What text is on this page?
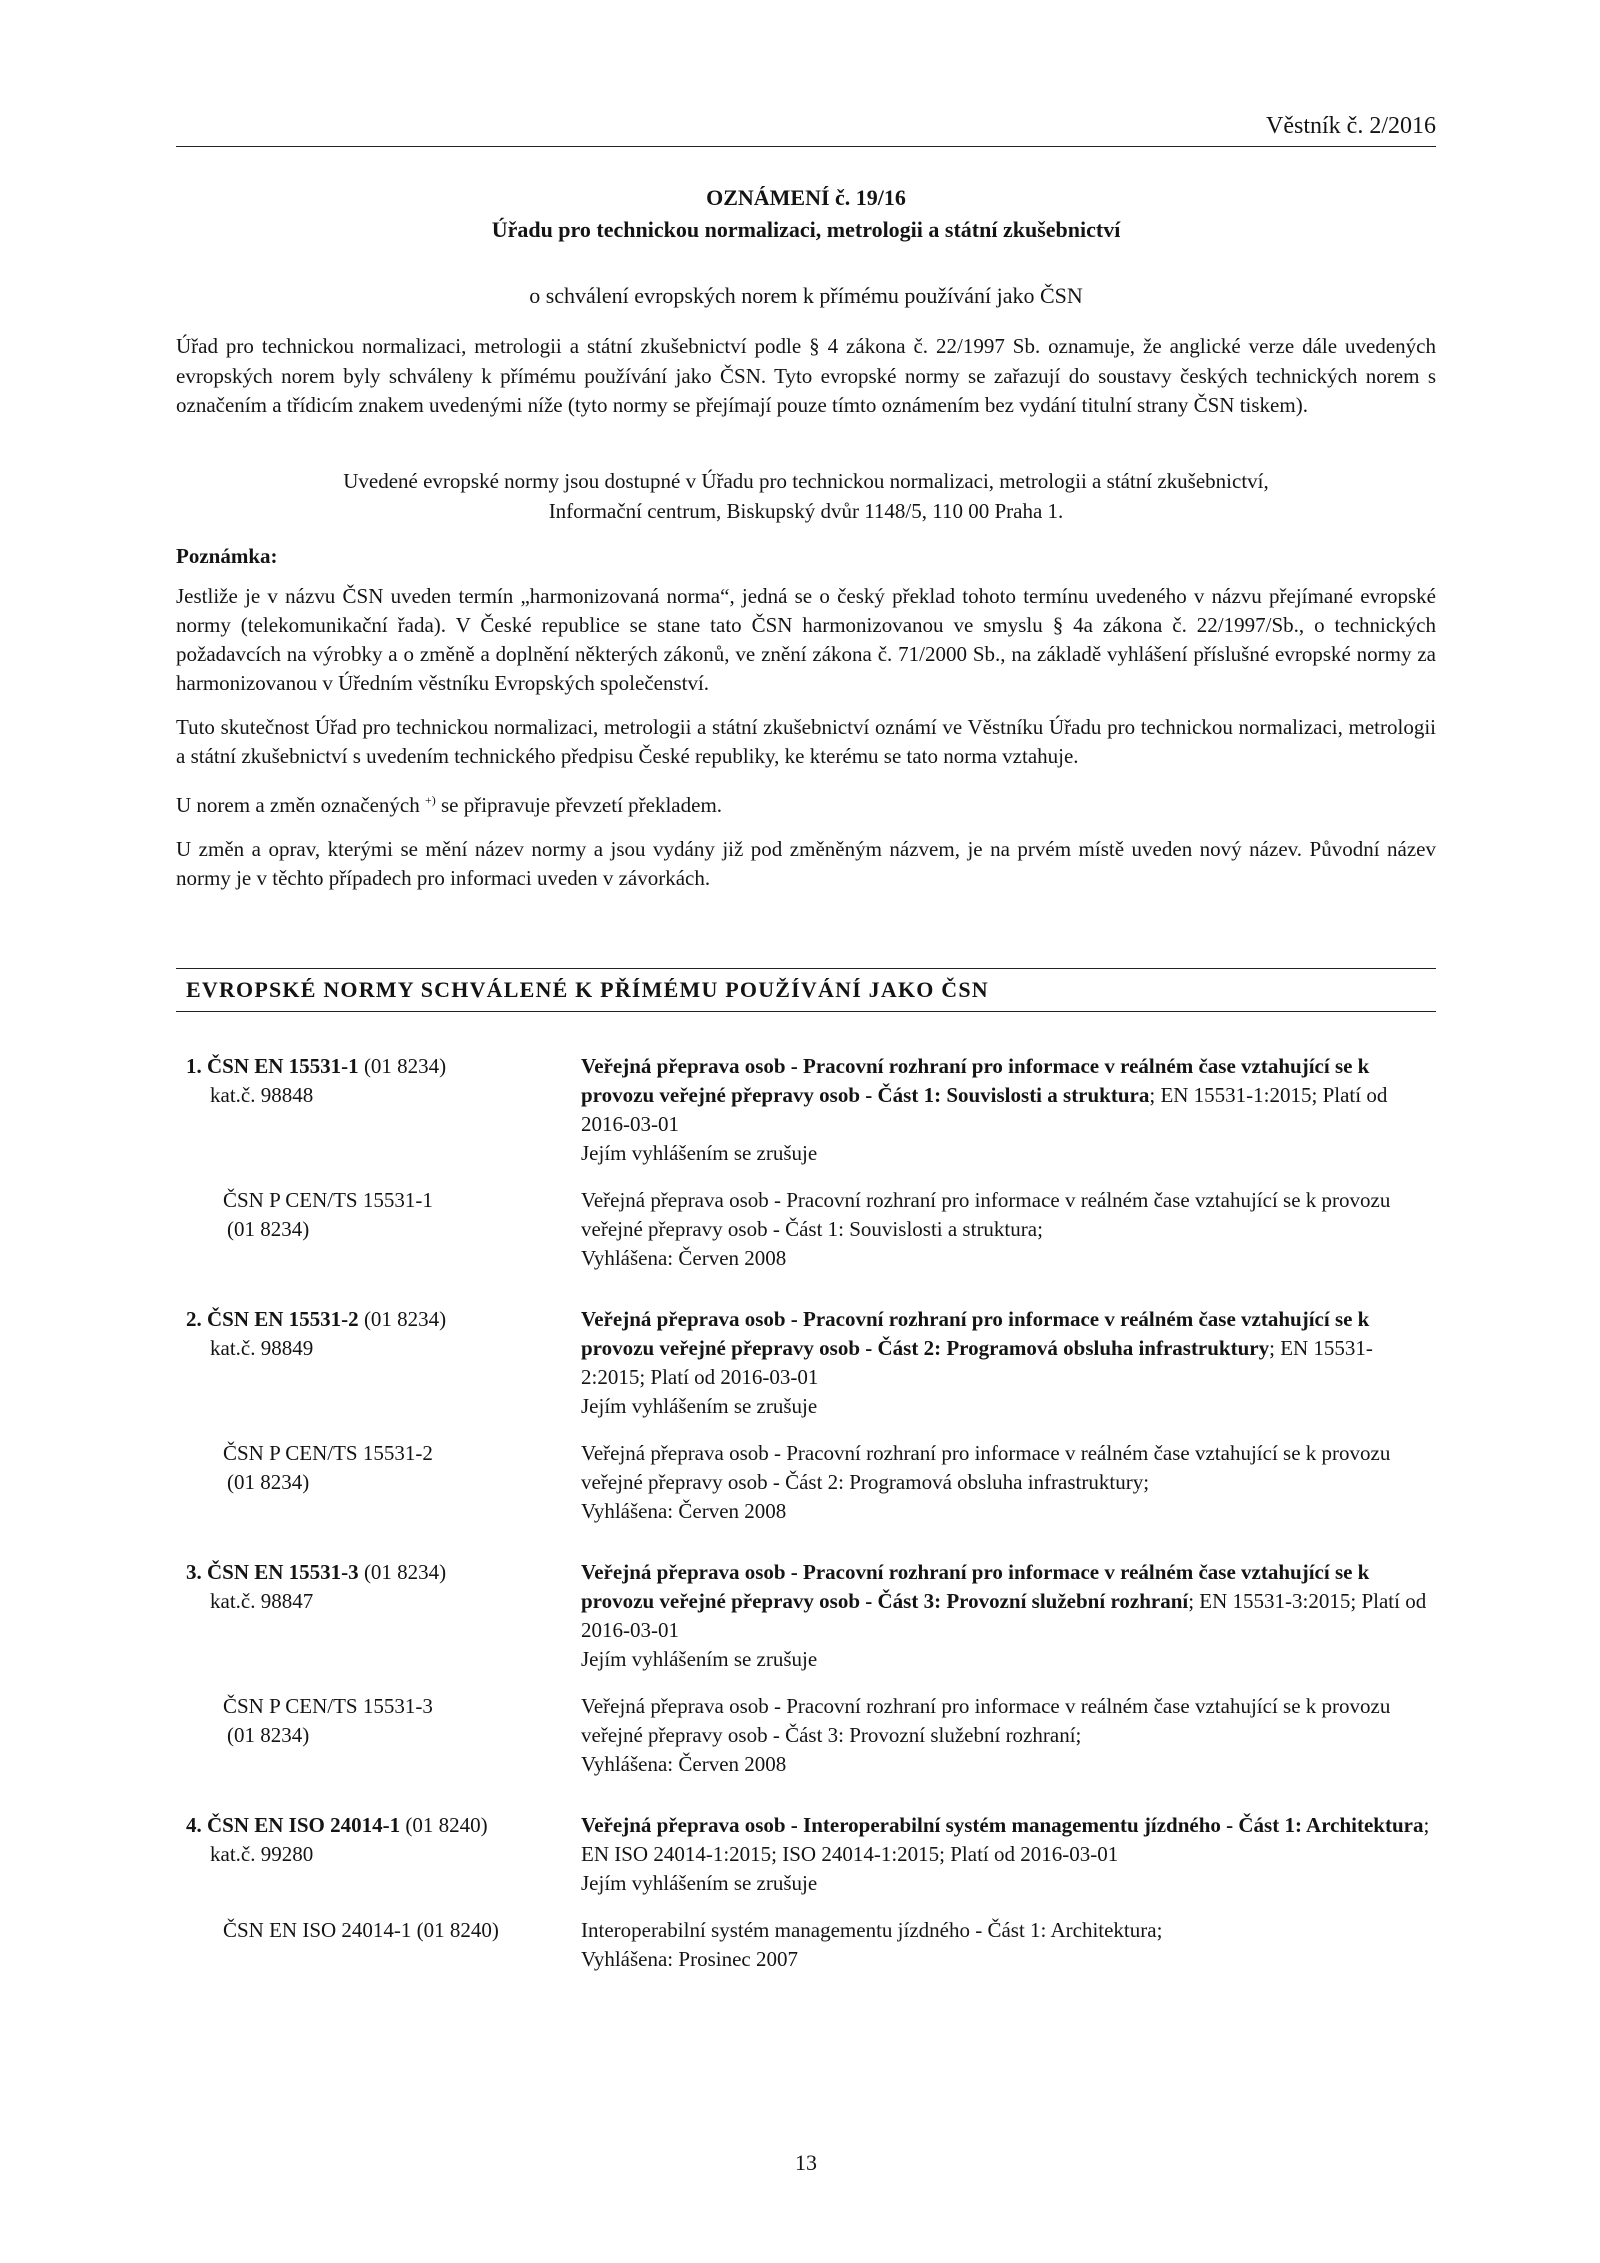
Věstník č. 2/2016
OZNÁMENÍ č. 19/16
Úřadu pro technickou normalizaci, metrologii a státní zkušebnictví
o schválení evropských norem k přímému používání jako ČSN
Úřad pro technickou normalizaci, metrologii a státní zkušebnictví podle § 4 zákona č. 22/1997 Sb. oznamuje, že anglické verze dále uvedených evropských norem byly schváleny k přímému používání jako ČSN. Tyto evropské normy se zařazují do soustavy českých technických norem s označením a třídicím znakem uvedenými níže (tyto normy se přejímají pouze tímto oznámením bez vydání titulní strany ČSN tiskem).
Uvedené evropské normy jsou dostupné v Úřadu pro technickou normalizaci, metrologii a státní zkušebnictví,
Informační centrum, Biskupský dvůr 1148/5, 110 00 Praha 1.
Poznámka:

Jestliže je v názvu ČSN uveden termín „harmonizovaná norma“, jedná se o český překlad tohoto termínu uvedeného v názvu přejímané evropské normy (telekomunikační řada). V České republice se stane tato ČSN harmonizovanou ve smyslu § 4a zákona č. 22/1997/Sb., o technických požadavcích na výrobky a o změně a doplnění některých zákonů, ve znění zákona č. 71/2000 Sb., na základě vyhlášení příslušné evropské normy za harmonizovanou v Úředním věstníku Evropských společenství.

Tuto skutečnost Úřad pro technickou normalizaci, metrologii a státní zkušebnictví oznámí ve Věstníku Úřadu pro technickou normalizaci, metrologii a státní zkušebnictví s uvedením technického předpisu České republiky, ke kterému se tato norma vztahuje.

U norem a změn označených +) se připravuje převzetí překladem.

U změn a oprav, kterými se mění název normy a jsou vydány již pod změněným názvem, je na prvém místě uveden nový název. Původní název normy je v těchto případech pro informaci uveden v závorkách.

EVROPSKÉ NORMY SCHVÁLENÉ K PŘÍMÉMU POUŽÍVÁNÍ JAKO ČSN
1. ČSN EN 15531-1 (01 8234)
kat.č. 98848
Veřejná přeprava osob - Pracovní rozhraní pro informace v reálném čase vztahující se k provozu veřejné přepravy osob - Část 1: Souvislosti a struktura; EN 15531-1:2015; Platí od 2016-03-01
Jejím vyhlášením se zrušuje
ČSN P CEN/TS 15531-1
(01 8234)
Veřejná přeprava osob - Pracovní rozhraní pro informace v reálném čase vztahující se k provozu veřejné přepravy osob - Část 1: Souvislosti a struktura;
Vyhlášena: Červen 2008
2. ČSN EN 15531-2 (01 8234)
kat.č. 98849
Veřejná přeprava osob - Pracovní rozhraní pro informace v reálném čase vztahující se k provozu veřejné přepravy osob - Část 2: Programová obsluha infrastruktury; EN 15531-2:2015; Platí od 2016-03-01
Jejím vyhlášením se zrušuje
ČSN P CEN/TS 15531-2
(01 8234)
Veřejná přeprava osob - Pracovní rozhraní pro informace v reálném čase vztahující se k provozu veřejné přepravy osob - Část 2: Programová obsluha infrastruktury;
Vyhlášena: Červen 2008
3. ČSN EN 15531-3 (01 8234)
kat.č. 98847
Veřejná přeprava osob - Pracovní rozhraní pro informace v reálném čase vztahující se k provozu veřejné přepravy osob - Část 3: Provozní služební rozhraní; EN 15531-3:2015; Platí od 2016-03-01
Jejím vyhlášením se zrušuje
ČSN P CEN/TS 15531-3
(01 8234)
Veřejná přeprava osob - Pracovní rozhraní pro informace v reálném čase vztahující se k provozu veřejné přepravy osob - Část 3: Provozní služební rozhraní;
Vyhlášena: Červen 2008
4. ČSN EN ISO 24014-1 (01 8240)
kat.č. 99280
Veřejná přeprava osob - Interoperabilní systém managementu jízdného - Část 1: Architektura; EN ISO 24014-1:2015; ISO 24014-1:2015; Platí od 2016-03-01
Jejím vyhlášením se zrušuje
ČSN EN ISO 24014-1 (01 8240)	Interoperabilní systém managementu jízdného - Část 1: Architektura;
Vyhlášena: Prosinec 2007
13
